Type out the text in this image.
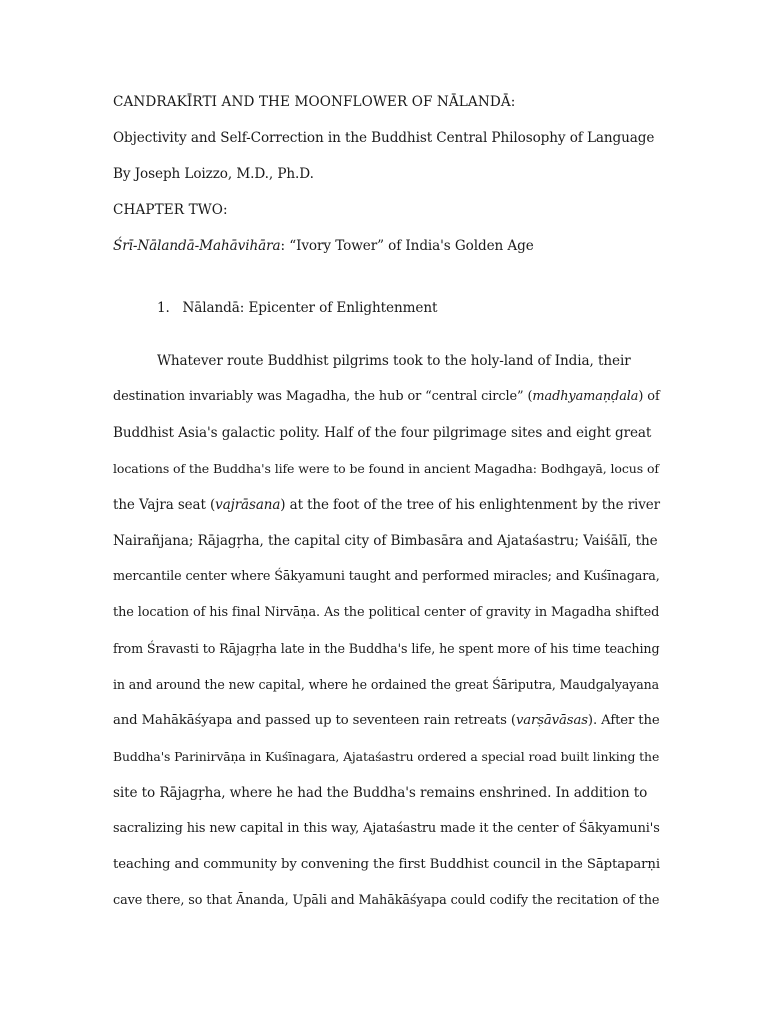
CANDRAKĪRTI AND THE MOONFLOWER OF NĀLANDĀ:
Objectivity and Self-Correction in the Buddhist Central Philosophy of Language
By Joseph Loizzo, M.D., Ph.D.
CHAPTER TWO:
Śrī-Nālandā-Mahāvihāra: “Ivory Tower” of India's Golden Age
1. Nālandā: Epicenter of Enlightenment
Whatever route Buddhist pilgrims took to the holy-land of India, their
destination invariably was Magadha, the hub or “central circle” (madhyamaṇḍala) of
Buddhist Asia's galactic polity. Half of the four pilgrimage sites and eight great
locations of the Buddha's life were to be found in ancient Magadha: Bodhgayā, locus of
the Vajra seat (vajrāsana) at the foot of the tree of his enlightenment by the river
Nairañjana; Rājagṛha, the capital city of Bimbasāra and Ajataśastru; Vaiśālī, the
mercantile center where Śākyamuni taught and performed miracles; and Kuśīnagara,
the location of his final Nirvāṇa. As the political center of gravity in Magadha shifted
from Śravasti to Rājagṛha late in the Buddha's life, he spent more of his time teaching
in and around the new capital, where he ordained the great Śāriputra, Maudgalyayana
and Mahākāśyapa and passed up to seventeen rain retreats (varṣāvāsas). After the
Buddha's Parinirvāṇa in Kuśīnagara, Ajataśastru ordered a special road built linking the
site to Rājagṛha, where he had the Buddha's remains enshrined. In addition to
sacralizing his new capital in this way, Ajataśastru made it the center of Śākyamuni's
teaching and community by convening the first Buddhist council in the Sāptaparṇi
cave there, so that Ānanda, Upāli and Mahākāśyapa could codify the recitation of the
